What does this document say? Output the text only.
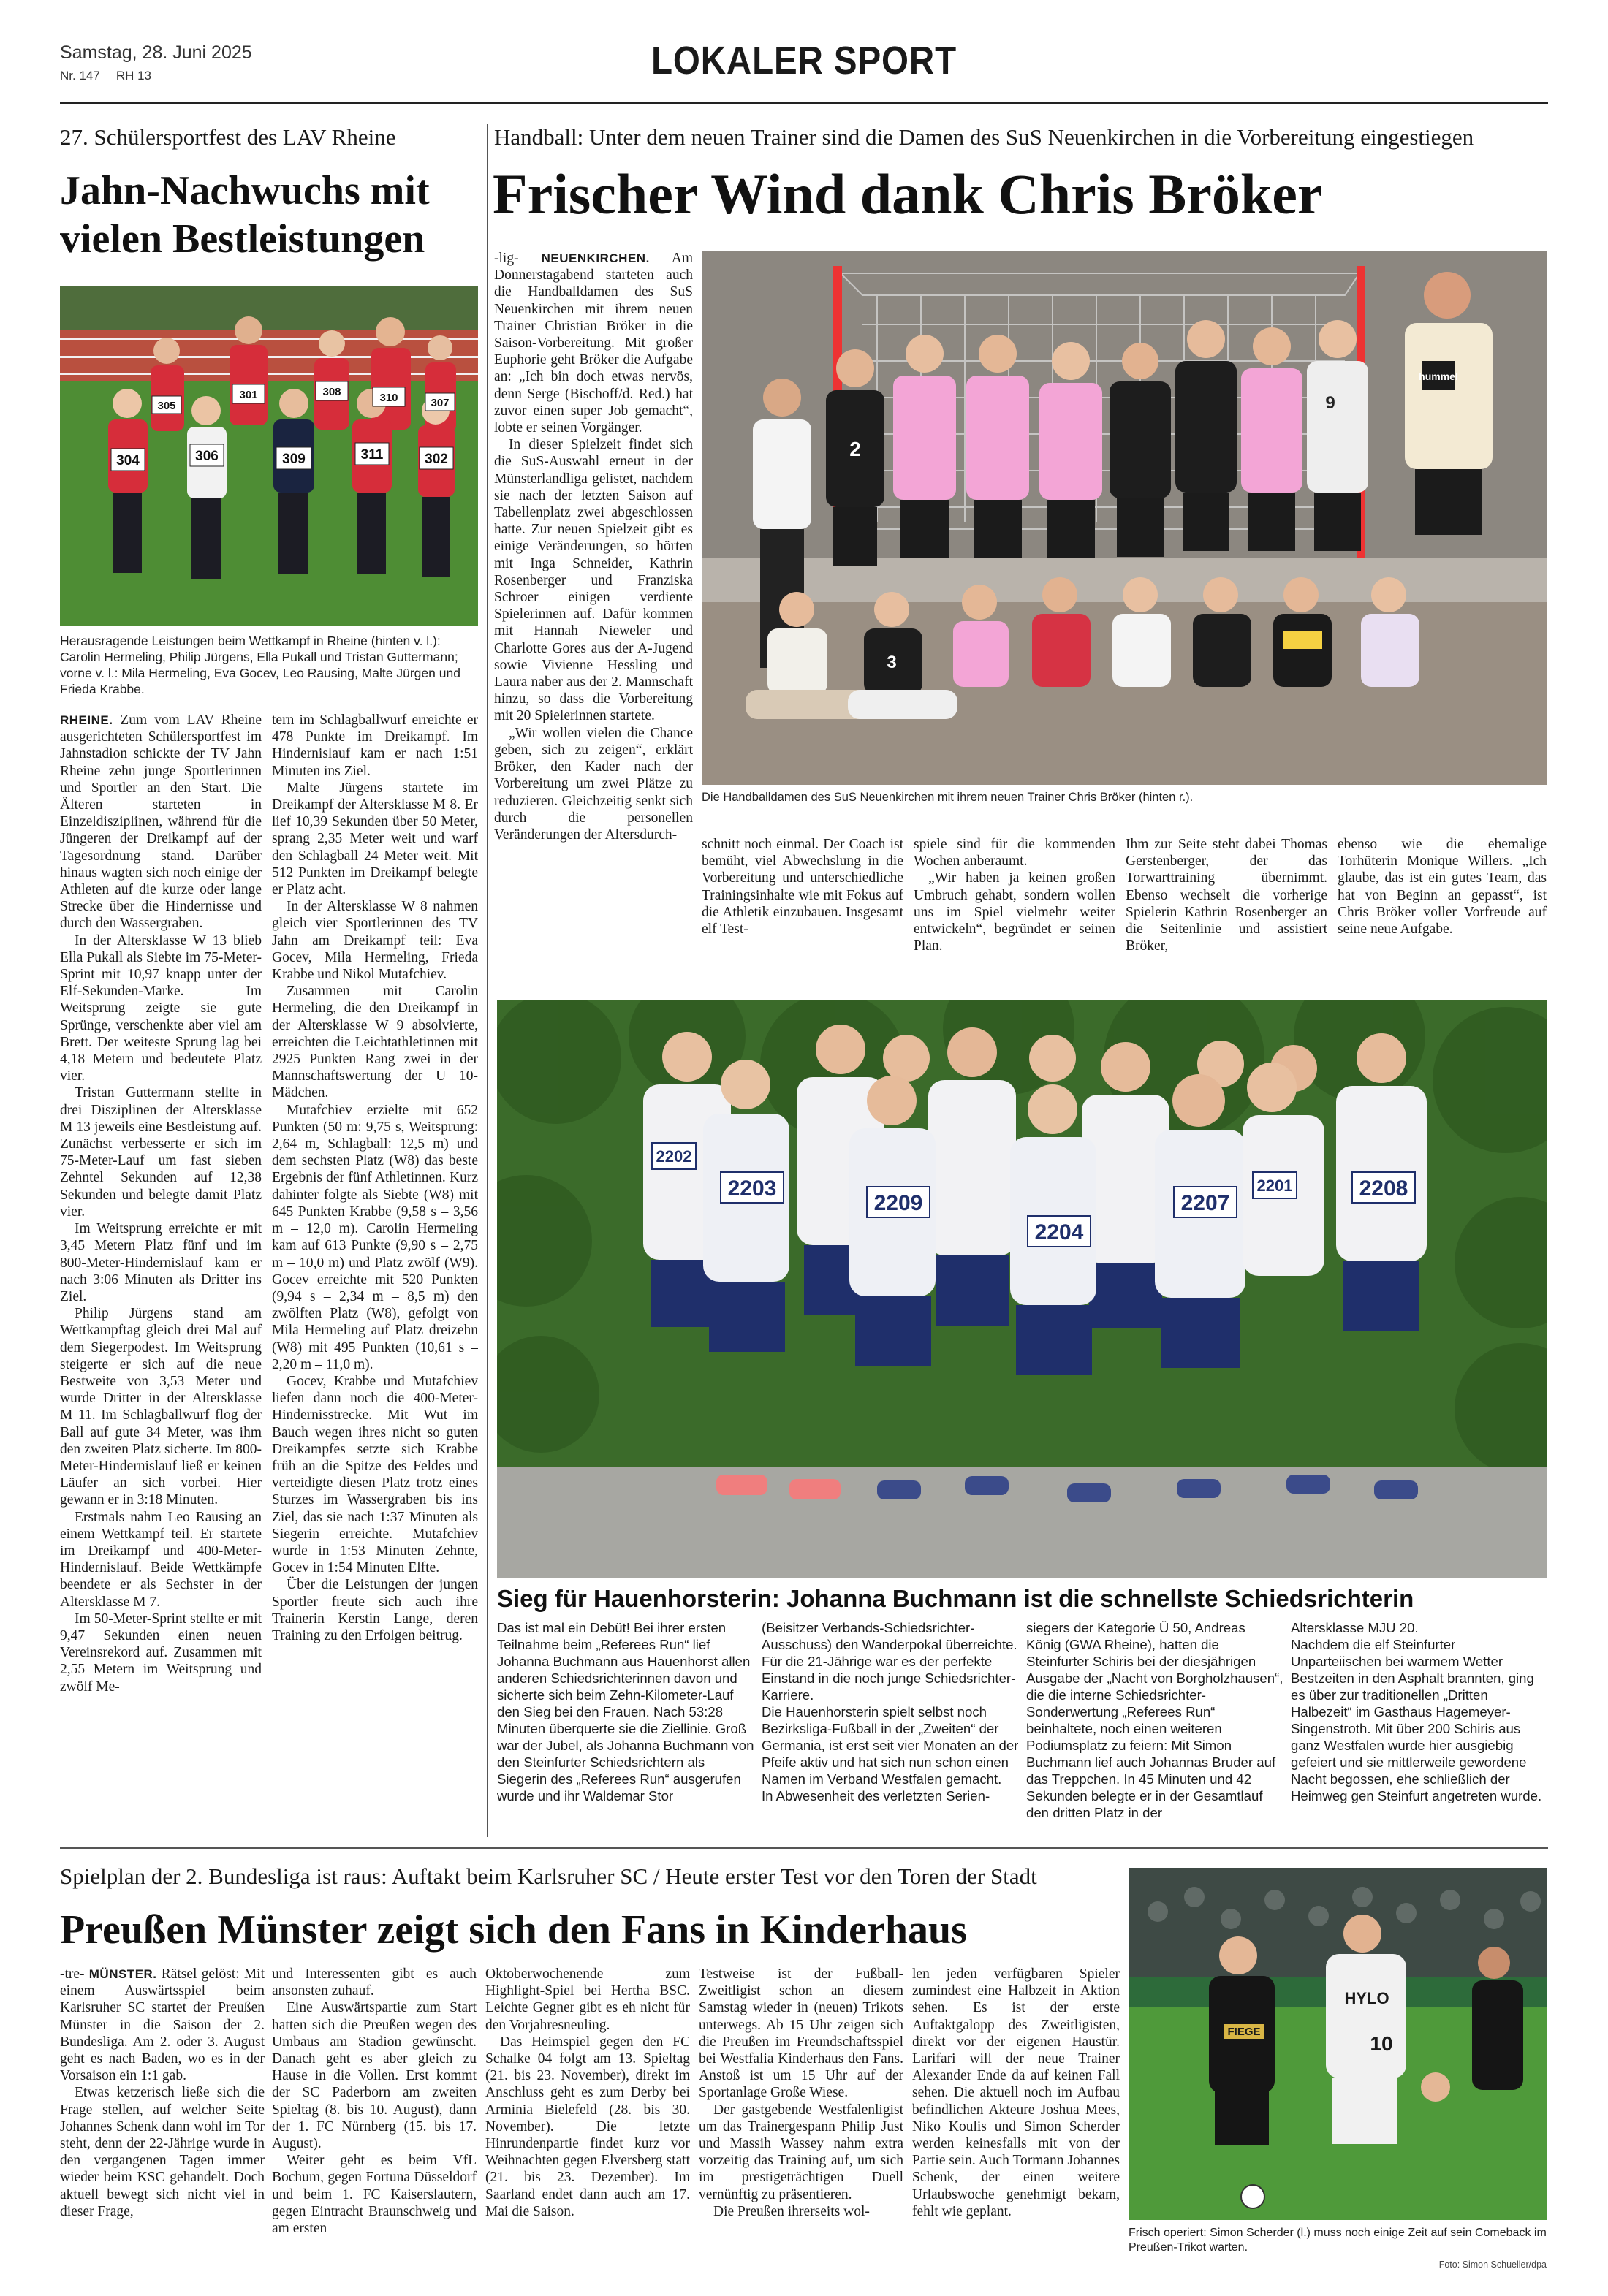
Samstag, 28. Juni 2025
Nr. 147 RH 13	LOKALER SPORT
27. Schülersportfest des LAV Rheine
Jahn-Nachwuchs mit
vielen Bestleistungen
304	306	309	311	302
301	308	310
305	307
Herausragende Leistungen beim Wettkampf in Rheine (hinten v. l.): Carolin Hermeling, Philip Jürgens, Ella Pukall und Tristan Guttermann; vorne v. l.: Mila Hermeling, Eva Gocev, Leo Rausing, Malte Jürgen und Frieda Krabbe.

RHEINE. Zum vom LAV Rheine ausgerichteten Schülersportfest im Jahnstadion schickte der TV Jahn Rheine zehn junge Sportlerinnen und Sportler an den Start. Die Älteren starteten in Einzeldisziplinen, während für die Jüngeren der Dreikampf auf der Tagesordnung stand. Darüber hinaus wagten sich noch einige der Athleten auf die kurze oder lange Strecke über die Hindernisse und durch den Wassergraben.

In der Altersklasse W 13 blieb Ella Pukall als Siebte im 75-Meter-Sprint mit 10,97 knapp unter der Elf-Sekunden-Marke. Im Weitsprung zeigte sie gute Sprünge, verschenkte aber viel am Brett. Der weiteste Sprung lag bei 4,18 Metern und bedeutete Platz vier.

Tristan Guttermann stellte in drei Disziplinen der Altersklasse M 13 jeweils eine Bestleistung auf. Zunächst verbesserte er sich im 75-Meter-Lauf um fast sieben Zehntel Sekunden auf 12,38 Sekunden und belegte damit Platz vier.

Im Weitsprung erreichte er mit 3,45 Metern Platz fünf und im 800-Meter-Hindernislauf kam er nach 3:06 Minuten als Dritter ins Ziel.

Philip Jürgens stand am Wettkampftag gleich drei Mal auf dem Siegerpodest. Im Weitsprung steigerte er sich auf die neue Bestweite von 3,53 Meter und wurde Dritter in der Altersklasse M 11. Im Schlagballwurf flog der Ball auf gute 34 Meter, was ihm den zweiten Platz sicherte. Im 800-Meter-Hindernislauf ließ er keinen Läufer an sich vorbei. Hier gewann er in 3:18 Minuten.

Erstmals nahm Leo Rausing an einem Wettkampf teil. Er startete im Dreikampf und 400-Meter-Hindernislauf. Beide Wettkämpfe beendete er als Sechster in der Altersklasse M 7.

Im 50-Meter-Sprint stellte er mit 9,47 Sekunden einen neuen Vereinsrekord auf. Zusammen mit 2,55 Metern im Weitsprung und zwölf Me-

tern im Schlagballwurf erreichte er 478 Punkte im Dreikampf. Im Hindernislauf kam er nach 1:51 Minuten ins Ziel.

Malte Jürgens startete im Dreikampf der Altersklasse M 8. Er lief 10,39 Sekunden über 50 Meter, sprang 2,35 Meter weit und warf den Schlagball 24 Meter weit. Mit 512 Punkten im Dreikampf belegte er Platz acht.

In der Altersklasse W 8 nahmen gleich vier Sportlerinnen des TV Jahn am Dreikampf teil: Eva Gocev, Mila Hermeling, Frieda Krabbe und Nikol Mutafchiev.

Zusammen mit Carolin Hermeling, die den Dreikampf in der Altersklasse W 9 absolvierte, erreichten die Leichtathletinnen mit 2925 Punkten Rang zwei in der Mannschaftswertung der U 10-Mädchen.

Mutafchiev erzielte mit 652 Punkten (50 m: 9,75 s, Weitsprung: 2,64 m, Schlagball: 12,5 m) und dem sechsten Platz (W8) das beste Ergebnis der fünf Athletinnen. Kurz dahinter folgte als Siebte (W8) mit 645 Punkten Krabbe (9,58 s – 3,56 m – 12,0 m). Carolin Hermeling kam auf 613 Punkte (9,90 s – 2,75 m – 10,0 m) und Platz zwölf (W9). Gocev erreichte mit 520 Punkten (9,94 s – 2,34 m – 8,5 m) den zwölften Platz (W8), gefolgt von Mila Hermeling auf Platz dreizehn (W8) mit 495 Punkten (10,61 s – 2,20 m – 11,0 m).

Gocev, Krabbe und Mutafchiev liefen dann noch die 400-Meter-Hindernisstrecke. Mit Wut im Bauch wegen ihres nicht so guten Dreikampfes setzte sich Krabbe früh an die Spitze des Feldes und verteidigte diesen Platz trotz eines Sturzes im Wassergraben bis ins Ziel, das sie nach 1:37 Minuten als Siegerin erreichte. Mutafchiev wurde in 1:53 Minuten Zehnte, Gocev in 1:54 Minuten Elfte.

Über die Leistungen der jungen Sportler freute sich auch ihre Trainerin Kerstin Lange, deren Training zu den Erfolgen beitrug.

Handball: Unter dem neuen Trainer sind die Damen des SuS Neuenkirchen in die Vorbereitung eingestiegen
Frischer Wind dank Chris Bröker

-lig- NEUENKIRCHEN. Am Donnerstagabend starteten auch die Handballdamen des SuS Neuenkirchen mit ihrem neuen Trainer Christian Bröker in die Saison-Vorbereitung. Mit großer Euphorie geht Bröker die Aufgabe an: „Ich bin doch etwas nervös, denn Serge (Bischoff/d. Red.) hat zuvor einen super Job gemacht“, lobte er seinen Vorgänger.

In dieser Spielzeit findet sich die SuS-Auswahl erneut in der Münsterlandliga gelistet, nachdem sie nach der letzten Saison auf Tabellenplatz zwei abgeschlossen hatte. Zur neuen Spielzeit gibt es einige Veränderungen, so hörten mit Inga Schneider, Kathrin Rosenberger und Franziska Schroer einigen verdiente Spielerinnen auf. Dafür kommen mit Hannah Nieweler und Charlotte Gores aus der A-Jugend sowie Vivienne Hessling und Laura naber aus der 2. Mannschaft hinzu, so dass die Vorbereitung mit 20 Spielerinnen startete.

„Wir wollen vielen die Chance geben, sich zu zeigen“, erklärt Bröker, den Kader nach der Vorbereitung um zwei Plätze zu reduzieren. Gleichzeitig senkt sich durch die personellen Veränderungen der Altersdurch-

2
9
3
hummel
Die Handballdamen des SuS Neuenkirchen mit ihrem neuen Trainer Chris Bröker (hinten r.).

schnitt noch einmal. Der Coach ist bemüht, viel Abwechslung in die Vorbereitung und unterschiedliche Trainingsinhalte wie mit Fokus auf die Athletik einzubauen. Insgesamt elf Test-

spiele sind für die kommenden Wochen anberaumt.

„Wir haben ja keinen großen Umbruch gehabt, sondern wollen uns im Spiel vielmehr weiter entwickeln“, begründet er seinen Plan.

Ihm zur Seite steht dabei Thomas Gerstenberger, der das Torwarttraining übernimmt. Ebenso wechselt die vorherige Spielerin Kathrin Rosenberger an die Seitenlinie und assistiert Bröker,

ebenso wie die ehemalige Torhüterin Monique Willers. „Ich glaube, das ist ein gutes Team, das hat von Beginn an gepasst“, ist Chris Bröker voller Vorfreude auf seine neue Aufgabe.

2203
2209
2204
2207
2208
2201
2202
Sieg für Hauenhorsterin: Johanna Buchmann ist die schnellste Schiedsrichterin

Das ist mal ein Debüt! Bei ihrer ersten Teilnahme beim „Referees Run“ lief Johanna Buchmann aus Hauenhorst allen anderen Schiedsrichterinnen davon und sicherte sich beim Zehn-Kilometer-Lauf den Sieg bei den Frauen. Nach 53:28 Minuten überquerte sie die Ziellinie. Groß war der Jubel, als Johanna Buchmann von den Steinfurter Schiedsrichtern als Siegerin des „Referees Run“ ausgerufen wurde und ihr Waldemar Stor

(Beisitzer Verbands-Schiedsrichter-Ausschuss) den Wanderpokal überreichte. Für die 21-Jährige war es der perfekte Einstand in die noch junge Schiedsrichter-Karriere.

Die Hauenhorsterin spielt selbst noch Bezirksliga-Fußball in der „Zweiten“ der Germania, ist erst seit vier Monaten an der Pfeife aktiv und hat sich nun schon einen Namen im Verband Westfalen gemacht.

In Abwesenheit des verletzten Serien-

siegers der Kategorie Ü 50, Andreas König (GWA Rheine), hatten die Steinfurter Schiris bei der diesjährigen Ausgabe der „Nacht von Borgholzhausen“, die die interne Schiedsrichter-Sonderwertung „Referees Run“ beinhaltete, noch einen weiteren Podiumsplatz zu feiern: Mit Simon Buchmann lief auch Johannas Bruder auf das Treppchen. In 45 Minuten und 42 Sekunden belegte er in der Gesamtlauf den dritten Platz in der

Altersklasse MJU 20.

Nachdem die elf Steinfurter Unparteiischen bei warmem Wetter Bestzeiten in den Asphalt brannten, ging es über zur traditionellen „Dritten Halbezeit“ im Gasthaus Hagemeyer-Singenstroth. Mit über 200 Schiris aus ganz Westfalen wurde hier ausgiebig gefeiert und sie mittlerweile gewordene Nacht begossen, ehe schließlich der Heimweg gen Steinfurt angetreten wurde.

Spielplan der 2. Bundesliga ist raus: Auftakt beim Karlsruher SC / Heute erster Test vor den Toren der Stadt
Preußen Münster zeigt sich den Fans in Kinderhaus

-tre- MÜNSTER. Rätsel gelöst: Mit einem Auswärtsspiel beim Karlsruher SC startet der Preußen Münster in die Saison der 2. Bundesliga. Am 2. oder 3. August geht es nach Baden, wo es in der Vorsaison ein 1:1 gab.

Etwas ketzerisch ließe sich die Frage stellen, auf welcher Seite Johannes Schenk dann wohl im Tor steht, denn der 22-Jährige wurde in den vergangenen Tagen immer wieder beim KSC gehandelt. Doch aktuell bewegt sich nicht viel in dieser Frage,

und Interessenten gibt es auch ansonsten zuhauf.

Eine Auswärtspartie zum Start hatten sich die Preußen wegen des Umbaus am Stadion gewünscht. Danach geht es aber gleich zu Hause in die Vollen. Erst kommt der SC Paderborn am zweiten Spieltag (8. bis 10. August), dann der 1. FC Nürnberg (15. bis 17. August).

Weiter geht es beim VfL Bochum, gegen Fortuna Düsseldorf und beim 1. FC Kaiserslautern, gegen Eintracht Braunschweig und am ersten

Oktoberwochenende zum Highlight-Spiel bei Hertha BSC. Leichte Gegner gibt es eh nicht für den Vorjahresneuling.

Das Heimspiel gegen den FC Schalke 04 folgt am 13. Spieltag (21. bis 23. November), direkt im Anschluss geht es zum Derby bei Arminia Bielefeld (28. bis 30. November). Die letzte Hinrundenpartie findet kurz vor Weihnachten gegen Elversberg statt (21. bis 23. Dezember). Im Saarland endet dann auch am 17. Mai die Saison.

Testweise ist der Fußball-Zweitligist schon an diesem Samstag wieder in (neuen) Trikots unterwegs. Ab 15 Uhr zeigen sich die Preußen im Freundschaftsspiel bei Westfalia Kinderhaus den Fans. Anstoß ist um 15 Uhr auf der Sportanlage Große Wiese.

Der gastgebende Westfalenligist um das Trainergespann Philip Just und Massih Wassey nahm extra vorzeitig das Training auf, um sich im prestigeträchtigen Duell vernünftig zu präsentieren.

Die Preußen ihrerseits wol-

len jeden verfügbaren Spieler zumindest eine Halbzeit in Aktion sehen. Es ist der erste Auftaktgalopp des Zweitligisten, direkt vor der eigenen Haustür. Larifari will der neue Trainer Alexander Ende da auf keinen Fall sehen. Die aktuell noch im Aufbau befindlichen Akteure Joshua Mees, Niko Koulis und Simon Scherder werden keinesfalls mit von der Partie sein. Auch Tormann Johannes Schenk, der einen weitere Urlaubswoche genehmigt bekam, fehlt wie geplant.

HYLO
10
FIEGE
Frisch operiert: Simon Scherder (l.) muss noch einige Zeit auf sein Comeback im Preußen-Trikot warten.
Foto: Simon Schueller/dpa
